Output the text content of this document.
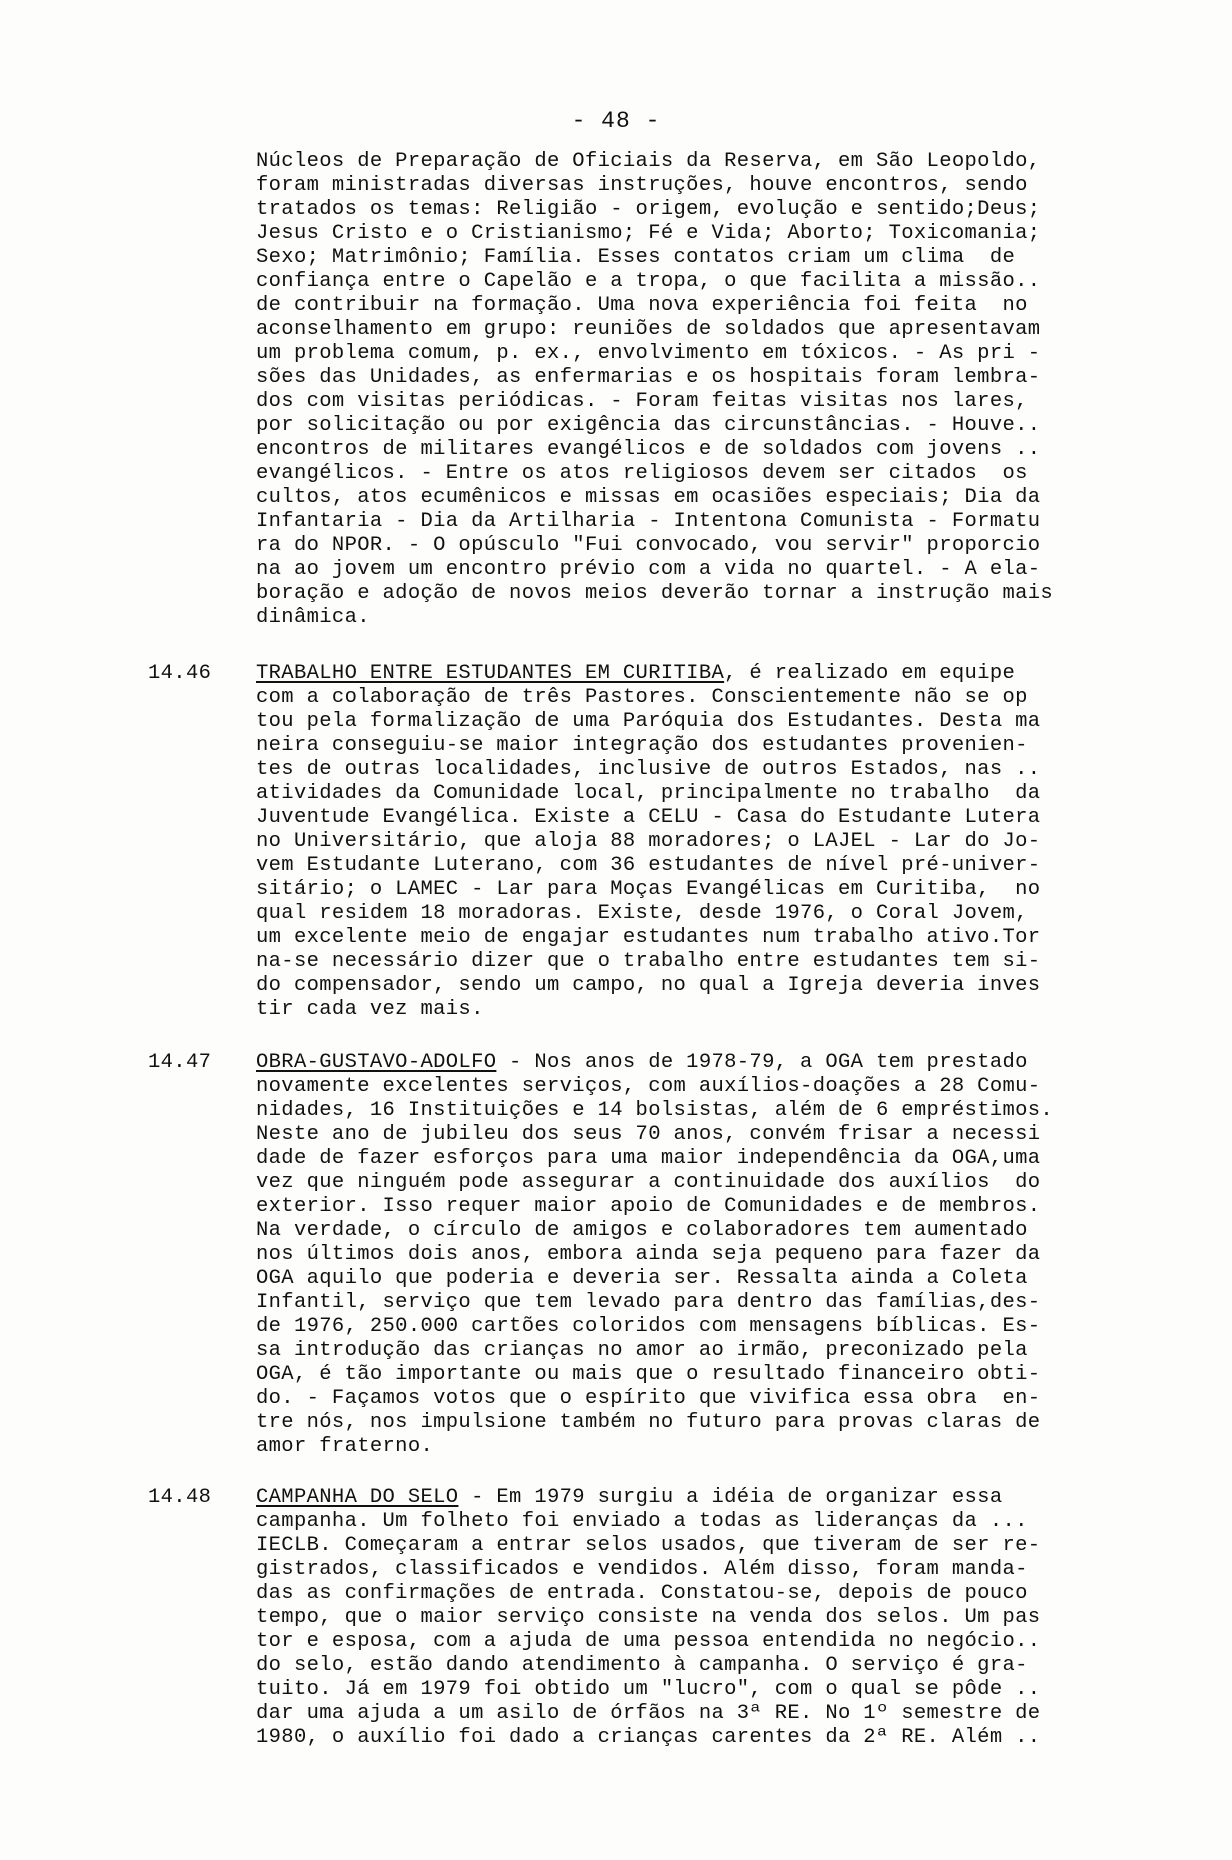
- 48 -
Núcleos de Preparação de Oficiais da Reserva, em São Leopoldo,
foram ministradas diversas instruções, houve encontros, sendo
tratados os temas: Religião - origem, evolução e sentido;Deus;
Jesus Cristo e o Cristianismo; Fé e Vida; Aborto; Toxicomania;
Sexo; Matrimônio; Família. Esses contatos criam um clima  de
confiança entre o Capelão e a tropa, o que facilita a missão..
de contribuir na formação. Uma nova experiência foi feita  no
aconselhamento em grupo: reuniões de soldados que apresentavam
um problema comum, p. ex., envolvimento em tóxicos. - As pri -
sões das Unidades, as enfermarias e os hospitais foram lembra-
dos com visitas periódicas. - Foram feitas visitas nos lares,
por solicitação ou por exigência das circunstâncias. - Houve..
encontros de militares evangélicos e de soldados com jovens ..
evangélicos. - Entre os atos religiosos devem ser citados  os
cultos, atos ecumênicos e missas em ocasiões especiais; Dia da
Infantaria - Dia da Artilharia - Intentona Comunista - Formatu
ra do NPOR. - O opúsculo "Fui convocado, vou servir" proporcio
na ao jovem um encontro prévio com a vida no quartel. - A ela-
boração e adoção de novos meios deverão tornar a instrução mais
dinâmica.
14.46 TRABALHO ENTRE ESTUDANTES EM CURITIBA, é realizado em equipe
com a colaboração de três Pastores. Conscientemente não se op
tou pela formalização de uma Paróquia dos Estudantes. Desta ma
neira conseguiu-se maior integração dos estudantes provenien-
tes de outras localidades, inclusive de outros Estados, nas ..
atividades da Comunidade local, principalmente no trabalho  da
Juventude Evangélica. Existe a CELU - Casa do Estudante Lutera
no Universitário, que aloja 88 moradores; o LAJEL - Lar do Jo-
vem Estudante Luterano, com 36 estudantes de nível pré-univer-
sitário; o LAMEC - Lar para Moças Evangélicas em Curitiba,  no
qual residem 18 moradoras. Existe, desde 1976, o Coral Jovem,
um excelente meio de engajar estudantes num trabalho ativo.Tor
na-se necessário dizer que o trabalho entre estudantes tem si-
do compensador, sendo um campo, no qual a Igreja deveria inves
tir cada vez mais.
14.47 OBRA-GUSTAVO-ADOLFO - Nos anos de 1978-79, a OGA tem prestado
novamente excelentes serviços, com auxílios-doações a 28 Comu-
nidades, 16 Instituições e 14 bolsistas, além de 6 empréstimos.
Neste ano de jubileu dos seus 70 anos, convém frisar a necessi
dade de fazer esforços para uma maior independência da OGA,uma
vez que ninguém pode assegurar a continuidade dos auxílios  do
exterior. Isso requer maior apoio de Comunidades e de membros.
Na verdade, o círculo de amigos e colaboradores tem aumentado
nos últimos dois anos, embora ainda seja pequeno para fazer da
OGA aquilo que poderia e deveria ser. Ressalta ainda a Coleta
Infantil, serviço que tem levado para dentro das famílias,des-
de 1976, 250.000 cartões coloridos com mensagens bíblicas. Es-
sa introdução das crianças no amor ao irmão, preconizado pela
OGA, é tão importante ou mais que o resultado financeiro obti-
do. - Façamos votos que o espírito que vivifica essa obra  en-
tre nós, nos impulsione também no futuro para provas claras de
amor fraterno.
14.48 CAMPANHA DO SELO - Em 1979 surgiu a idéia de organizar essa
campanha. Um folheto foi enviado a todas as lideranças da ...
IECLB. Começaram a entrar selos usados, que tiveram de ser re-
gistrados, classificados e vendidos. Além disso, foram manda-
das as confirmações de entrada. Constatou-se, depois de pouco
tempo, que o maior serviço consiste na venda dos selos. Um pas
tor e esposa, com a ajuda de uma pessoa entendida no negócio..
do selo, estão dando atendimento à campanha. O serviço é gra-
tuito. Já em 1979 foi obtido um "lucro", com o qual se pôde ..
dar uma ajuda a um asilo de órfãos na 3ª RE. No 1º semestre de
1980, o auxílio foi dado a crianças carentes da 2ª RE. Além ..
